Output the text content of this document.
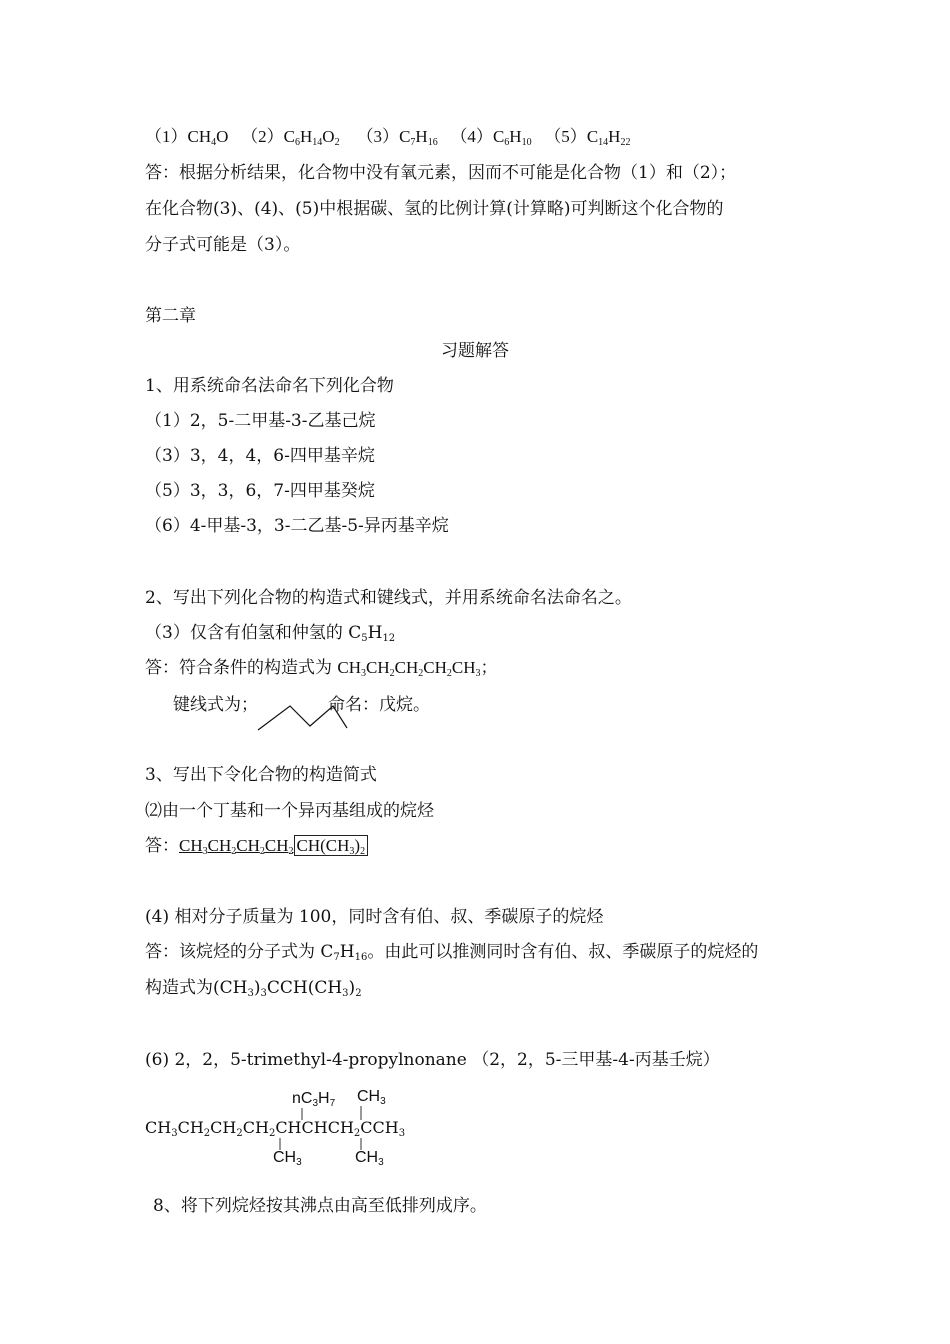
$(1)CH_4O$ $(2)C_6H_{14}O_2$ $(3)C_7H_{16}$ $(4)C_6H_{10}$ $(5)C_{14}H_{22}$
答：根据分析结果，化合物中没有氧元素，因而不可能是化合物（1）和（2）；
在化合物(3)、(4)、(5)中根据碳、氢的比例计算(计算略)可判断这个化合物的
分子式可能是（3）。
第二章
习题解答
1、用系统命名法命名下列化合物
（1）2，5-二甲基-3-乙基己烷
（3）3，4，4，6-四甲基辛烷
（5）3，3，6，7-四甲基癸烷
（6）4-甲基-3，3-二乙基-5-异丙基辛烷
2、写出下列化合物的构造式和键线式，并用系统命名法命名之。
（3）仅含有伯氢和仲氢的 $C_5H_{12}$
答：符合条件的构造式为 $CH_3CH_2CH_2CH_2CH_3$；
键线式为；	命名：戊烷。
3、写出下令化合物的构造简式
⑵由一个丁基和一个异丙基组成的烷烃
答：$CH_3CH_2CH_2CH_2$ $CH(CH_3)_2$
(4) 相对分子质量为 100，同时含有伯、叔、季碳原子的烷烃
答：该烷烃的分子式为 $C_7H_{16}$。由此可以推测同时含有伯、叔、季碳原子的烷烃的
构造式为$(CH_3)_3CCH(CH_3)_2$
(6) 2，2，5-trimethyl-4-propylnonane （2，2，5-三甲基-4-丙基壬烷）
$nC_3H_7$ $CH_3$
$CH_3CH_2CH_2CH_2CHCHCH_2CCH_3$
$CH_3$	$CH_3$
8、将下列烷烃按其沸点由高至低排列成序。
